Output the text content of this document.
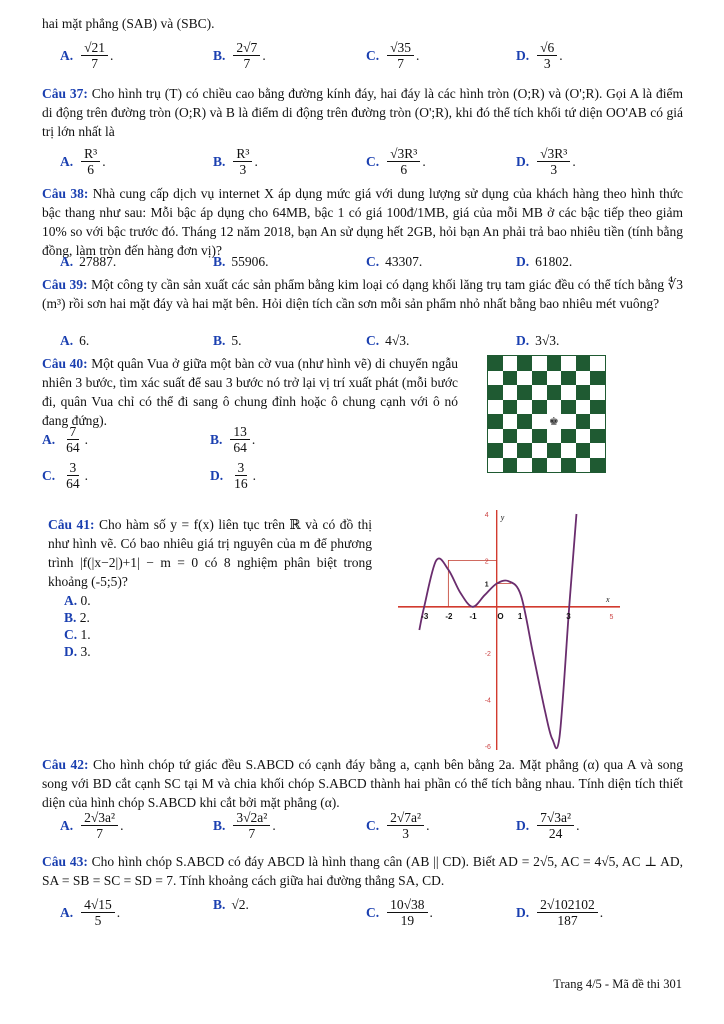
hai mặt phẳng (SAB) và (SBC).
Câu 37: Cho hình trụ (T) có chiều cao bằng đường kính đáy, hai đáy là các hình tròn (O;R) và (O';R). Gọi A là điểm di động trên đường tròn (O;R) và B là điểm di động trên đường tròn (O';R), khi đó thể tích khối tứ diện OO'AB có giá trị lớn nhất là
Câu 38: Nhà cung cấp dịch vụ internet X áp dụng mức giá với dung lượng sử dụng của khách hàng theo hình thức bậc thang như sau: Mỗi bậc áp dụng cho 64MB, bậc 1 có giá 100đ/1MB, giá của mỗi MB ở các bậc tiếp theo giảm 10% so với bậc trước đó. Tháng 12 năm 2018, bạn An sử dụng hết 2GB, hỏi bạn An phải trả bao nhiêu tiền (tính bằng đồng, làm tròn đến hàng đơn vị)?
Câu 39: Một công ty cần sản xuất các sản phẩm bằng kim loại có dạng khối lăng trụ tam giác đều có thể tích bằng ∜3 (m³) rồi sơn hai mặt đáy và hai mặt bên. Hỏi diện tích cần sơn mỗi sản phẩm nhỏ nhất bằng bao nhiêu mét vuông?
Câu 40: Một quân Vua ở giữa một bàn cờ vua (như hình vẽ) di chuyển ngẫu nhiên 3 bước, tìm xác suất để sau 3 bước nó trở lại vị trí xuất phát (mỗi bước đi, quân Vua chỉ có thể đi sang ô chung đỉnh hoặc ô chung cạnh với ô nó đang đứng).	♚
Câu 41: Cho hàm số y = f(x) liên tục trên ℝ và có đồ thị như hình vẽ. Có bao nhiêu giá trị nguyên của m để phương trình |f(|x−2|)+1| − m = 0 có 8 nghiệm phân biệt trong khoảng (-5;5)?
A. 0.
B. 2.
C. 1.
D. 3.
-3 -2 -1	O 1	3	5
4
2
1
-2
-4
-6
x
y
Câu 42: Cho hình chóp tứ giác đều S.ABCD có cạnh đáy bằng a, cạnh bên bằng 2a. Mặt phẳng (α) qua A và song song với BD cắt cạnh SC tại M và chia khối chóp S.ABCD thành hai phần có thể tích bằng nhau. Tính diện tích thiết diện của hình chóp S.ABCD khi cắt bởi mặt phẳng (α).
Câu 43: Cho hình chóp S.ABCD có đáy ABCD là hình thang cân (AB || CD). Biết AD = 2√5, AC = 4√5, AC ⊥ AD, SA = SB = SC = SD = 7. Tính khoảng cách giữa hai đường thẳng SA, CD.
Trang 4/5 - Mã đề thi 301
A. $\frac{√21}{7}$ .	B. $\frac{2√7}{7}$ .	C. $\frac{√35}{7}$ .	D. $\frac{√6}{3}$ .
A. $\frac{\text{R³}}{6}$ .	B. $\frac{\text{R³}}{3}$ .	C. $\frac{\text{√3R³}}{6}$ .	D. $\frac{\text{√3R³}}{3}$ .
A. 27887.	B. 55906.	C. 43307.	D. 61802.
A. 6.	B. 5.	C. 4√3.	D. 3√3.
A. $\frac{\text{2√3a²}}{7}$ .	B. $\frac{\text{3√2a²}}{7}$ .	C. $\frac{\text{2√7a²}}{3}$ .	D. $\frac{\text{7√3a²}}{24}$ .
A. $\frac{4√15}{5}$ .	B. √2.	C. $\frac{10√38}{19}$ .	D. $\frac{2√102102}{187}$ .
A. $\frac{7}{64}$ .	B. $\frac{13}{64}$ .
C. $\frac{3}{64}$ .	D. $\frac{3}{16}$ .
